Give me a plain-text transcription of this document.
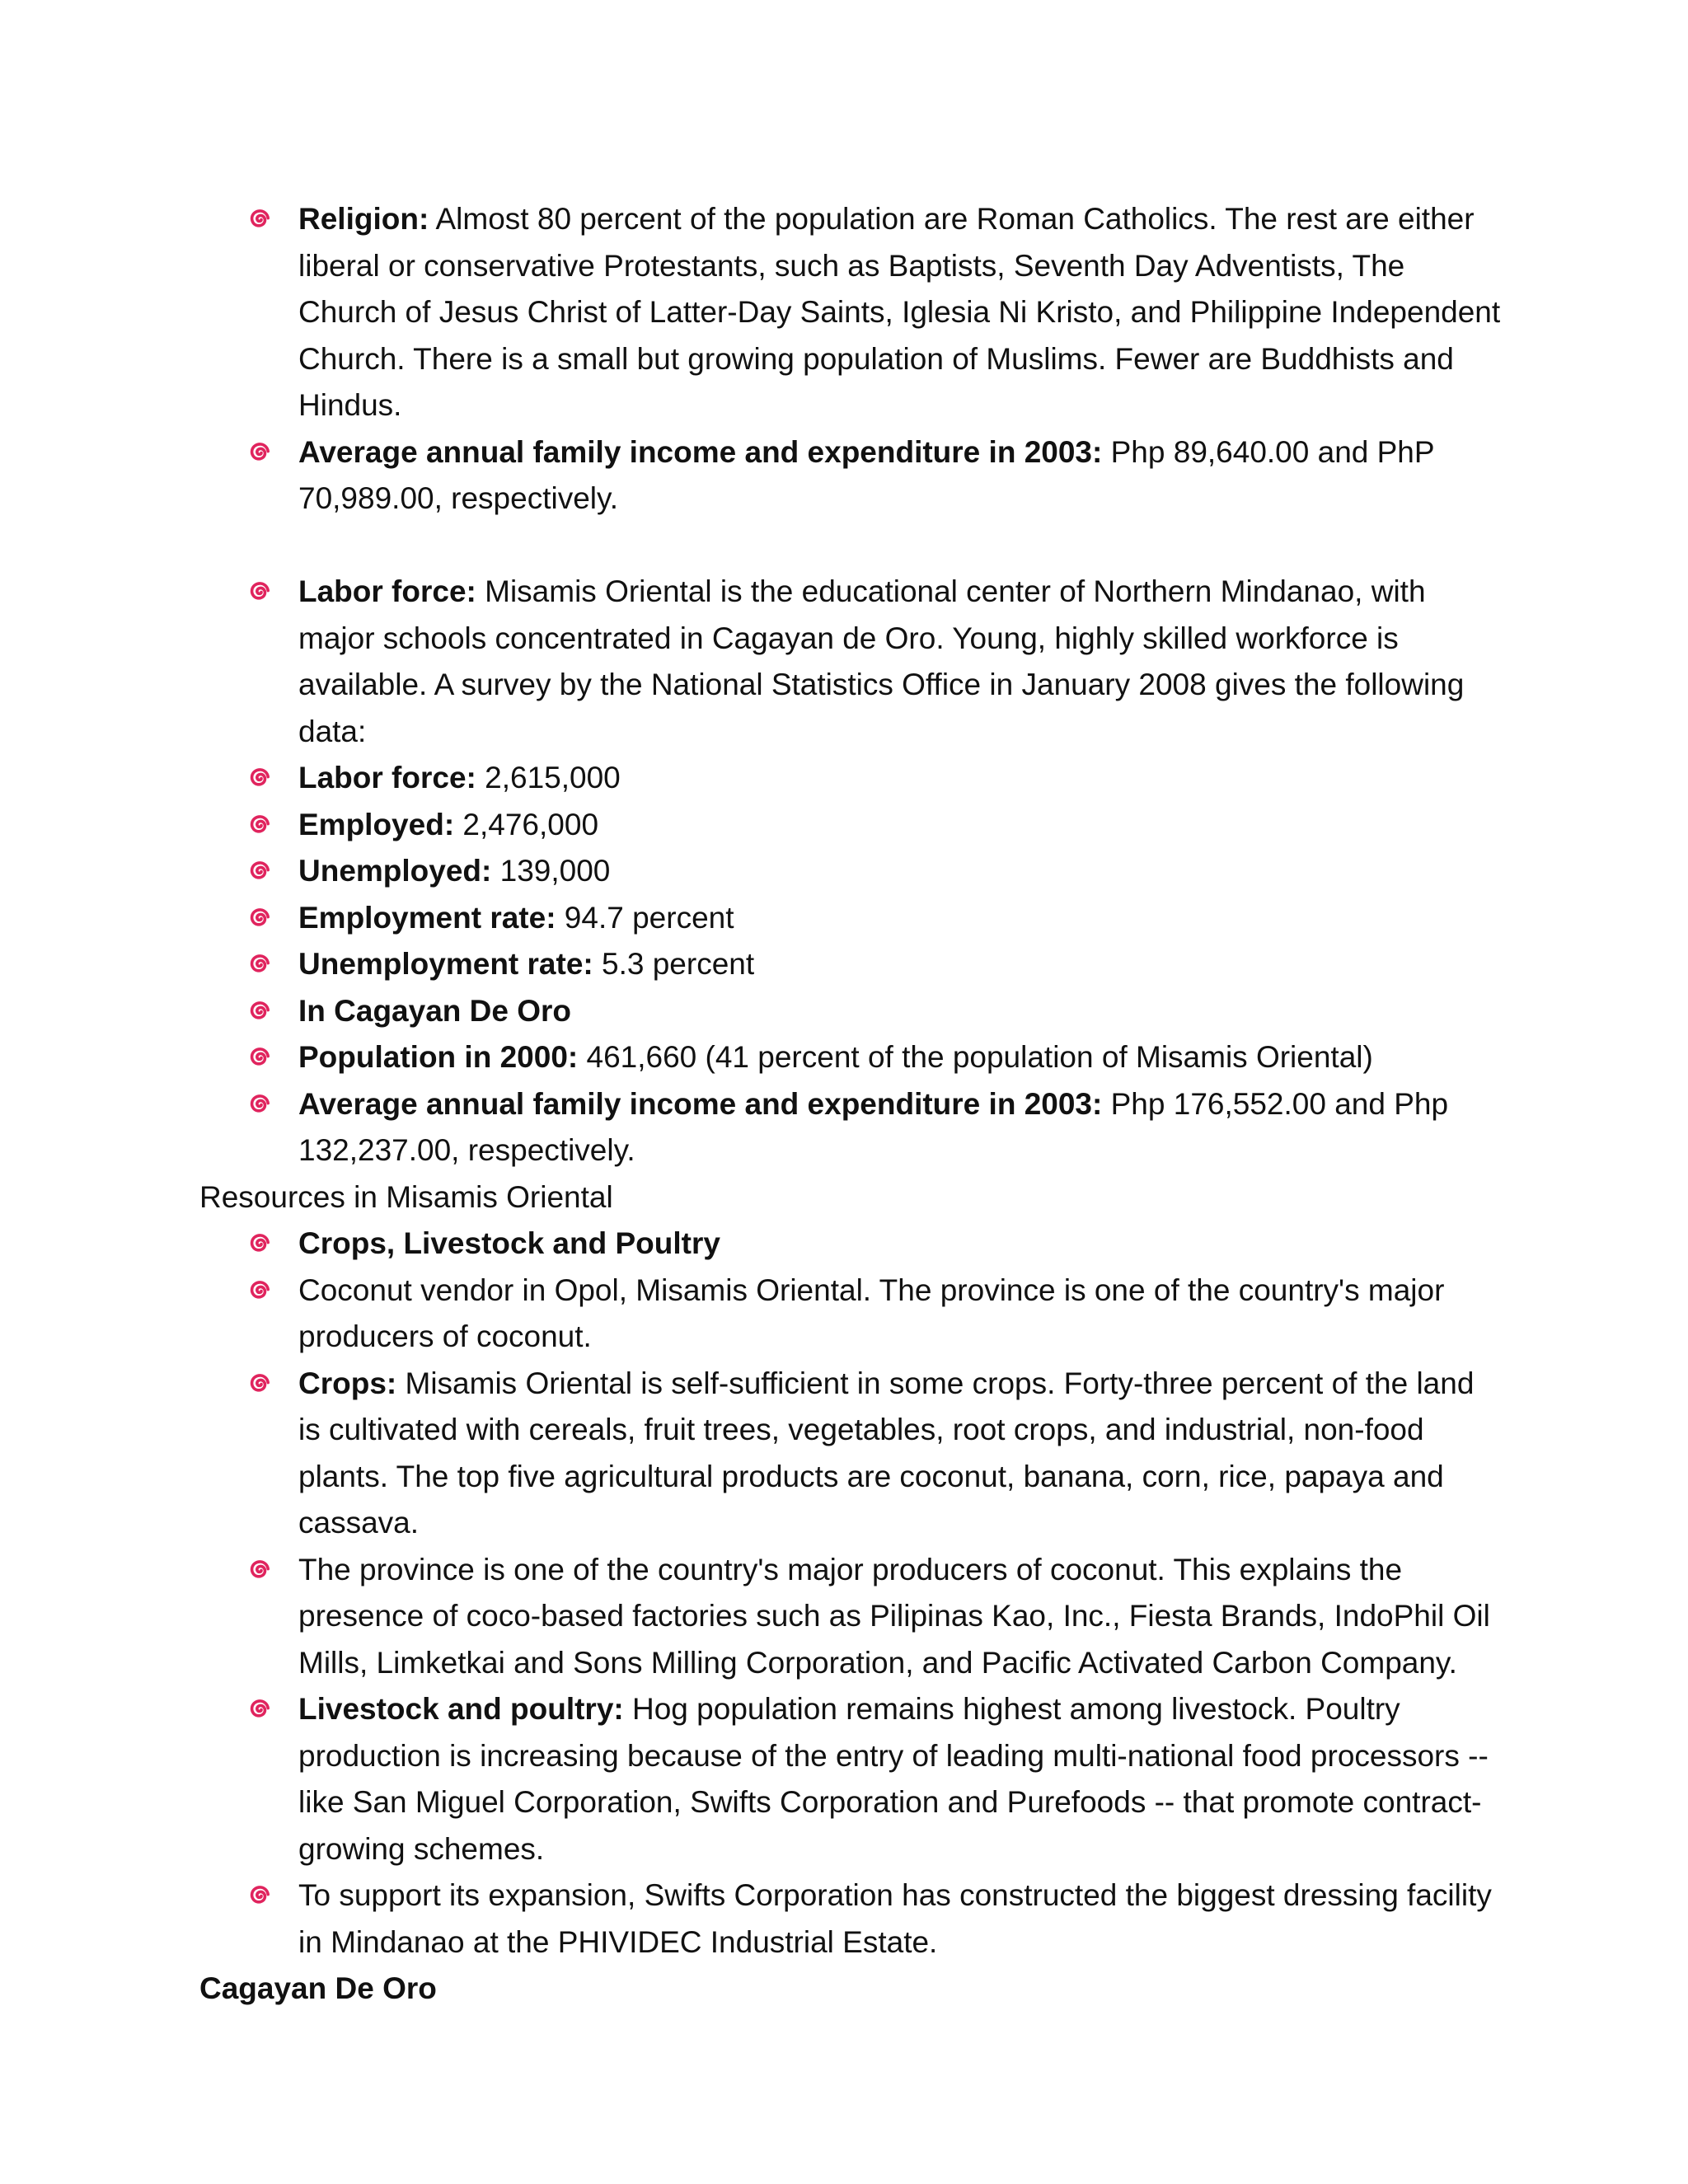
Religion: Almost 80 percent of the population are Roman Catholics. The rest are either liberal or conservative Protestants, such as Baptists, Seventh Day Adventists, The Church of Jesus Christ of Latter-Day Saints, Iglesia Ni Kristo, and Philippine Independent Church. There is a small but growing population of Muslims. Fewer are Buddhists and Hindus.
Average annual family income and expenditure in 2003: Php 89,640.00 and PhP 70,989.00, respectively.
Labor force: Misamis Oriental is the educational center of Northern Mindanao, with major schools concentrated in Cagayan de Oro. Young, highly skilled workforce is available. A survey by the National Statistics Office in January 2008 gives the following data:
Labor force: 2,615,000
Employed: 2,476,000
Unemployed: 139,000
Employment rate: 94.7 percent
Unemployment rate: 5.3 percent
In Cagayan De Oro
Population in 2000: 461,660 (41 percent of the population of Misamis Oriental)
Average annual family income and expenditure in 2003: Php 176,552.00 and Php 132,237.00, respectively.

Resources in Misamis Oriental

Crops, Livestock and Poultry
Coconut vendor in Opol, Misamis Oriental. The province is one of the country's major producers of coconut.
Crops: Misamis Oriental is self-sufficient in some crops. Forty-three percent of the land is cultivated with cereals, fruit trees, vegetables, root crops, and industrial, non-food plants. The top five agricultural products are coconut, banana, corn, rice, papaya and cassava.
The province is one of the country's major producers of coconut. This explains the presence of coco-based factories such as Pilipinas Kao, Inc., Fiesta Brands, IndoPhil Oil Mills, Limketkai and Sons Milling Corporation, and Pacific Activated Carbon Company.
Livestock and poultry: Hog population remains highest among livestock. Poultry production is increasing because of the entry of leading multi-national food processors -- like San Miguel Corporation, Swifts Corporation and Purefoods -- that promote contract-growing schemes.
To support its expansion, Swifts Corporation has constructed the biggest dressing facility in Mindanao at the PHIVIDEC Industrial Estate.

Cagayan De Oro
